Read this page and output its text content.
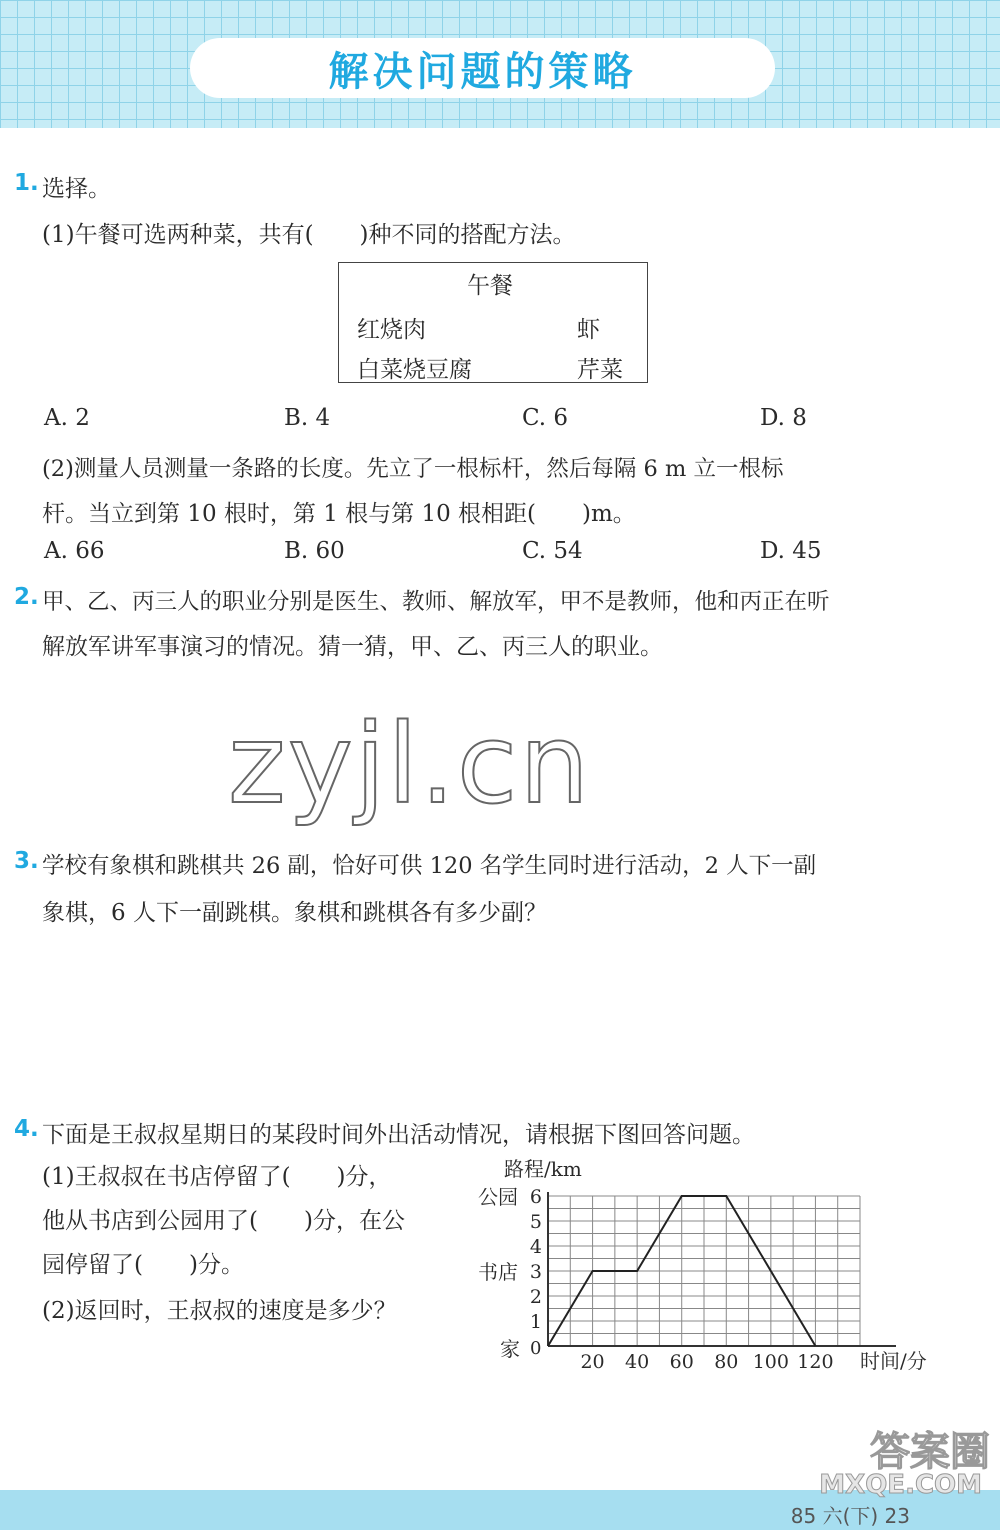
解决问题的策略
1. 选择。
(1)午餐可选两种菜，共有(　　)种不同的搭配方法。
午餐
红烧肉	虾
白菜烧豆腐	芹菜
A. 2	B. 4	C. 6	D. 8
(2)测量人员测量一条路的长度。先立了一根标杆，然后每隔 6 m 立一根标
杆。当立到第 10 根时，第 1 根与第 10 根相距(　　)m。
A. 66	B. 60	C. 54	D. 45
2. 甲、乙、丙三人的职业分别是医生、教师、解放军，甲不是教师，他和丙正在听
解放军讲军事演习的情况。猜一猜，甲、乙、丙三人的职业。
zyjl.cn
3. 学校有象棋和跳棋共 26 副，恰好可供 120 名学生同时进行活动，2 人下一副
象棋，6 人下一副跳棋。象棋和跳棋各有多少副？
4. 下面是王叔叔星期日的某段时间外出活动情况，请根据下图回答问题。
(1)王叔叔在书店停留了(　　)分，
他从书店到公园用了(　　)分，在公
园停留了(　　)分。
(2)返回时，王叔叔的速度是多少？
20 40 60 80 100 120
1
2
3
4
5
6
路程/km
时间/分
公园
书店
家 0
85 六(下) 23
答案圈
MXQE.COM
